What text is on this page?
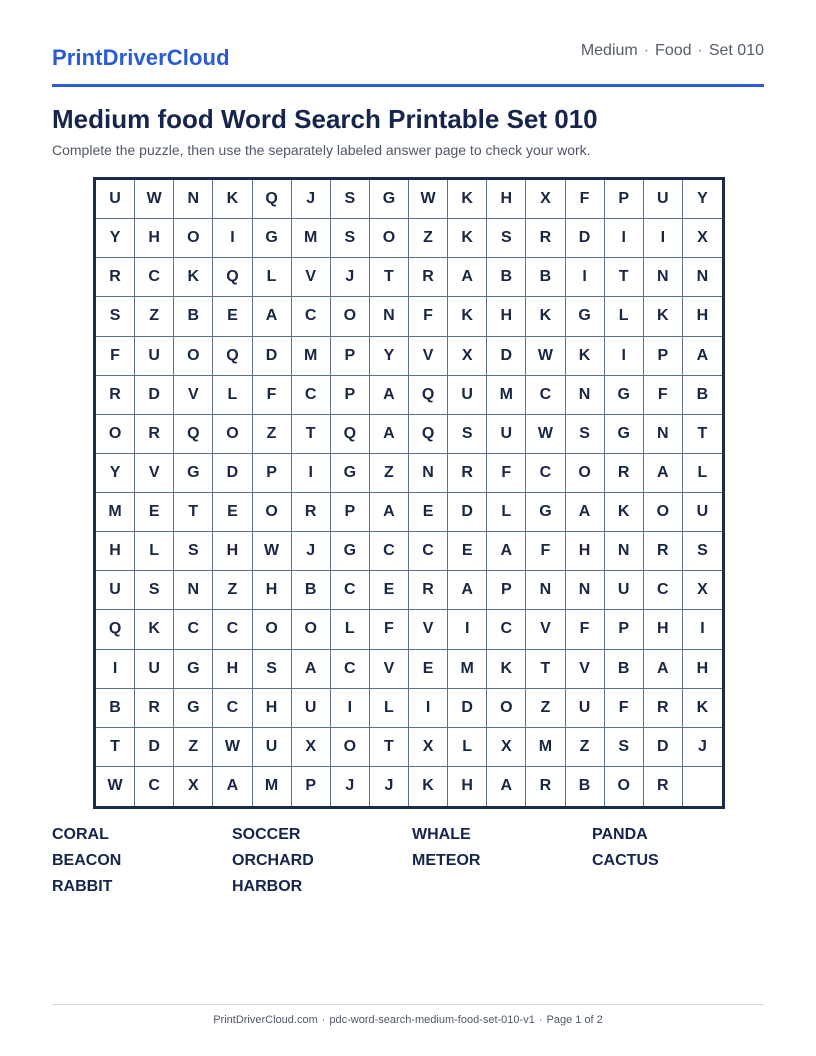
PrintDriverCloud	Medium · Food · Set 010
Medium food Word Search Printable Set 010
Complete the puzzle, then use the separately labeled answer page to check your work.
U	W	N	K	Q	J	S	G	W	K	H	X	F	P	U	Y
Y	H	O	I	G	M	S	O	Z	K	S	R	D	I	I	X
R	C	K	Q	L	V	J	T	R	A	B	B	I	T	N	N
S	Z	B	E	A	C	O	N	F	K	H	K	G	L	K	H
F	U	O	Q	D	M	P	Y	V	X	D	W	K	I	P	A
R	D	V	L	F	C	P	A	Q	U	M	C	N	G	F	B
O	R	Q	O	Z	T	Q	A	Q	S	U	W	S	G	N	T
Y	V	G	D	P	I	G	Z	N	R	F	C	O	R	A	L
M	E	T	E	O	R	P	A	E	D	L	G	A	K	O	U
H	L	S	H	W	J	G	C	C	E	A	F	H	N	R	S
U	S	N	Z	H	B	C	E	R	A	P	N	N	U	C	X
Q	K	C	C	O	O	L	F	V	I	C	V	F	P	H	I
I	U	G	H	S	A	C	V	E	M	K	T	V	B	A	H
B	R	G	C	H	U	I	L	I	D	O	Z	U	F	R	K
T	D	Z	W	U	X	O	T	X	L	X	M	Z	S	D	J
W	C	X	A	M	P	J	J	K	H	A	R	B	O	R
CORAL	SOCCER	WHALE	PANDA
BEACON	ORCHARD	METEOR	CACTUS
RABBIT	HARBOR
PrintDriverCloud.com · pdc-word-search-medium-food-set-010-v1 · Page 1 of 2
